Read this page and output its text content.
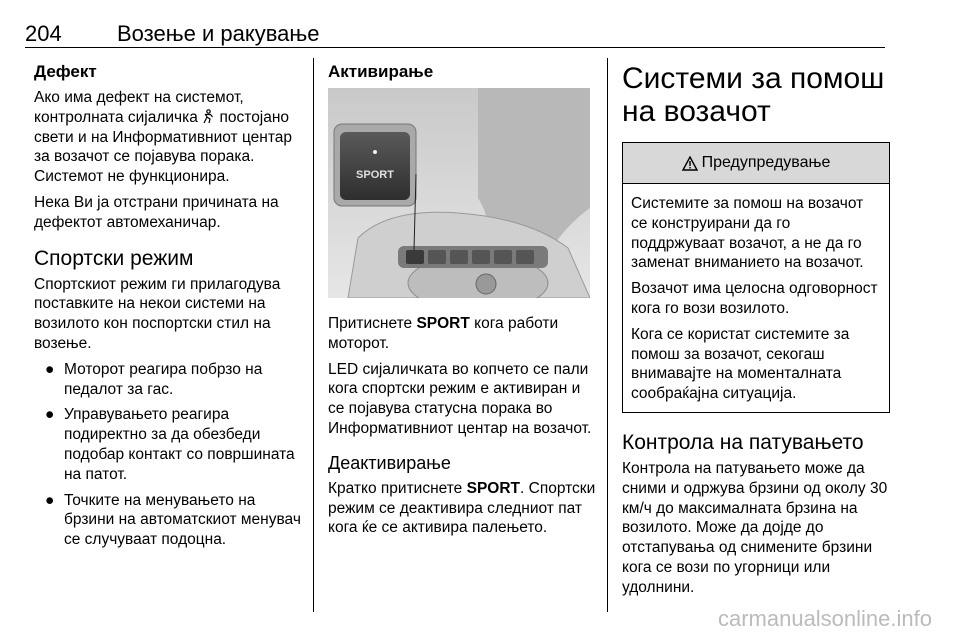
204	Возење и ракување
Дефект

Ако има дефект на системот, контролната сијаличка постојано свети и на Информативниот центар за возачот се појавува порака. Системот не функционира.

Нека Ви ја отстрани причината на дефектот автомеханичар.

Спортски режим

Спортскиот режим ги прилагодува поставките на некои системи на возилото кон поспортски стил на возење.

● Моторот реагира побрзо на педалот за гас.
● Управувањето реагира подиректно за да обезбеди подобар контакт со површината на патот.
● Точките на менувањето на брзини на автоматскиот менувач се случуваат подоцна.
Активирање
SPORT

Притиснете SPORT кога работи моторот.

LED сијаличката во копчето се пали кога спортски режим е активиран и се појавува статусна порака во Информативниот центар на возачот.

Деактивирање

Кратко притиснете SPORT. Спортски режим се деактивира следниот пат кога ќе се активира палењето.

Системи за помош на возачот
Предупредување

Системите за помош на возачот се конструирани да го поддржуваат возачот, а не да го заменат вниманието на возачот.

Возачот има целосна одговорност кога го вози возилото.

Кога се користат системите за помош за возачот, секогаш внимавајте на моменталната сообраќајна ситуација.

Контрола на патувањето

Контрола на патувањето може да сними и одржува брзини од околу 30 км/ч до максималната брзина на возилото. Може да дојде до отстапувања од снимените брзини кога се вози по угорници или удолнини.

carmanualsonline.info
